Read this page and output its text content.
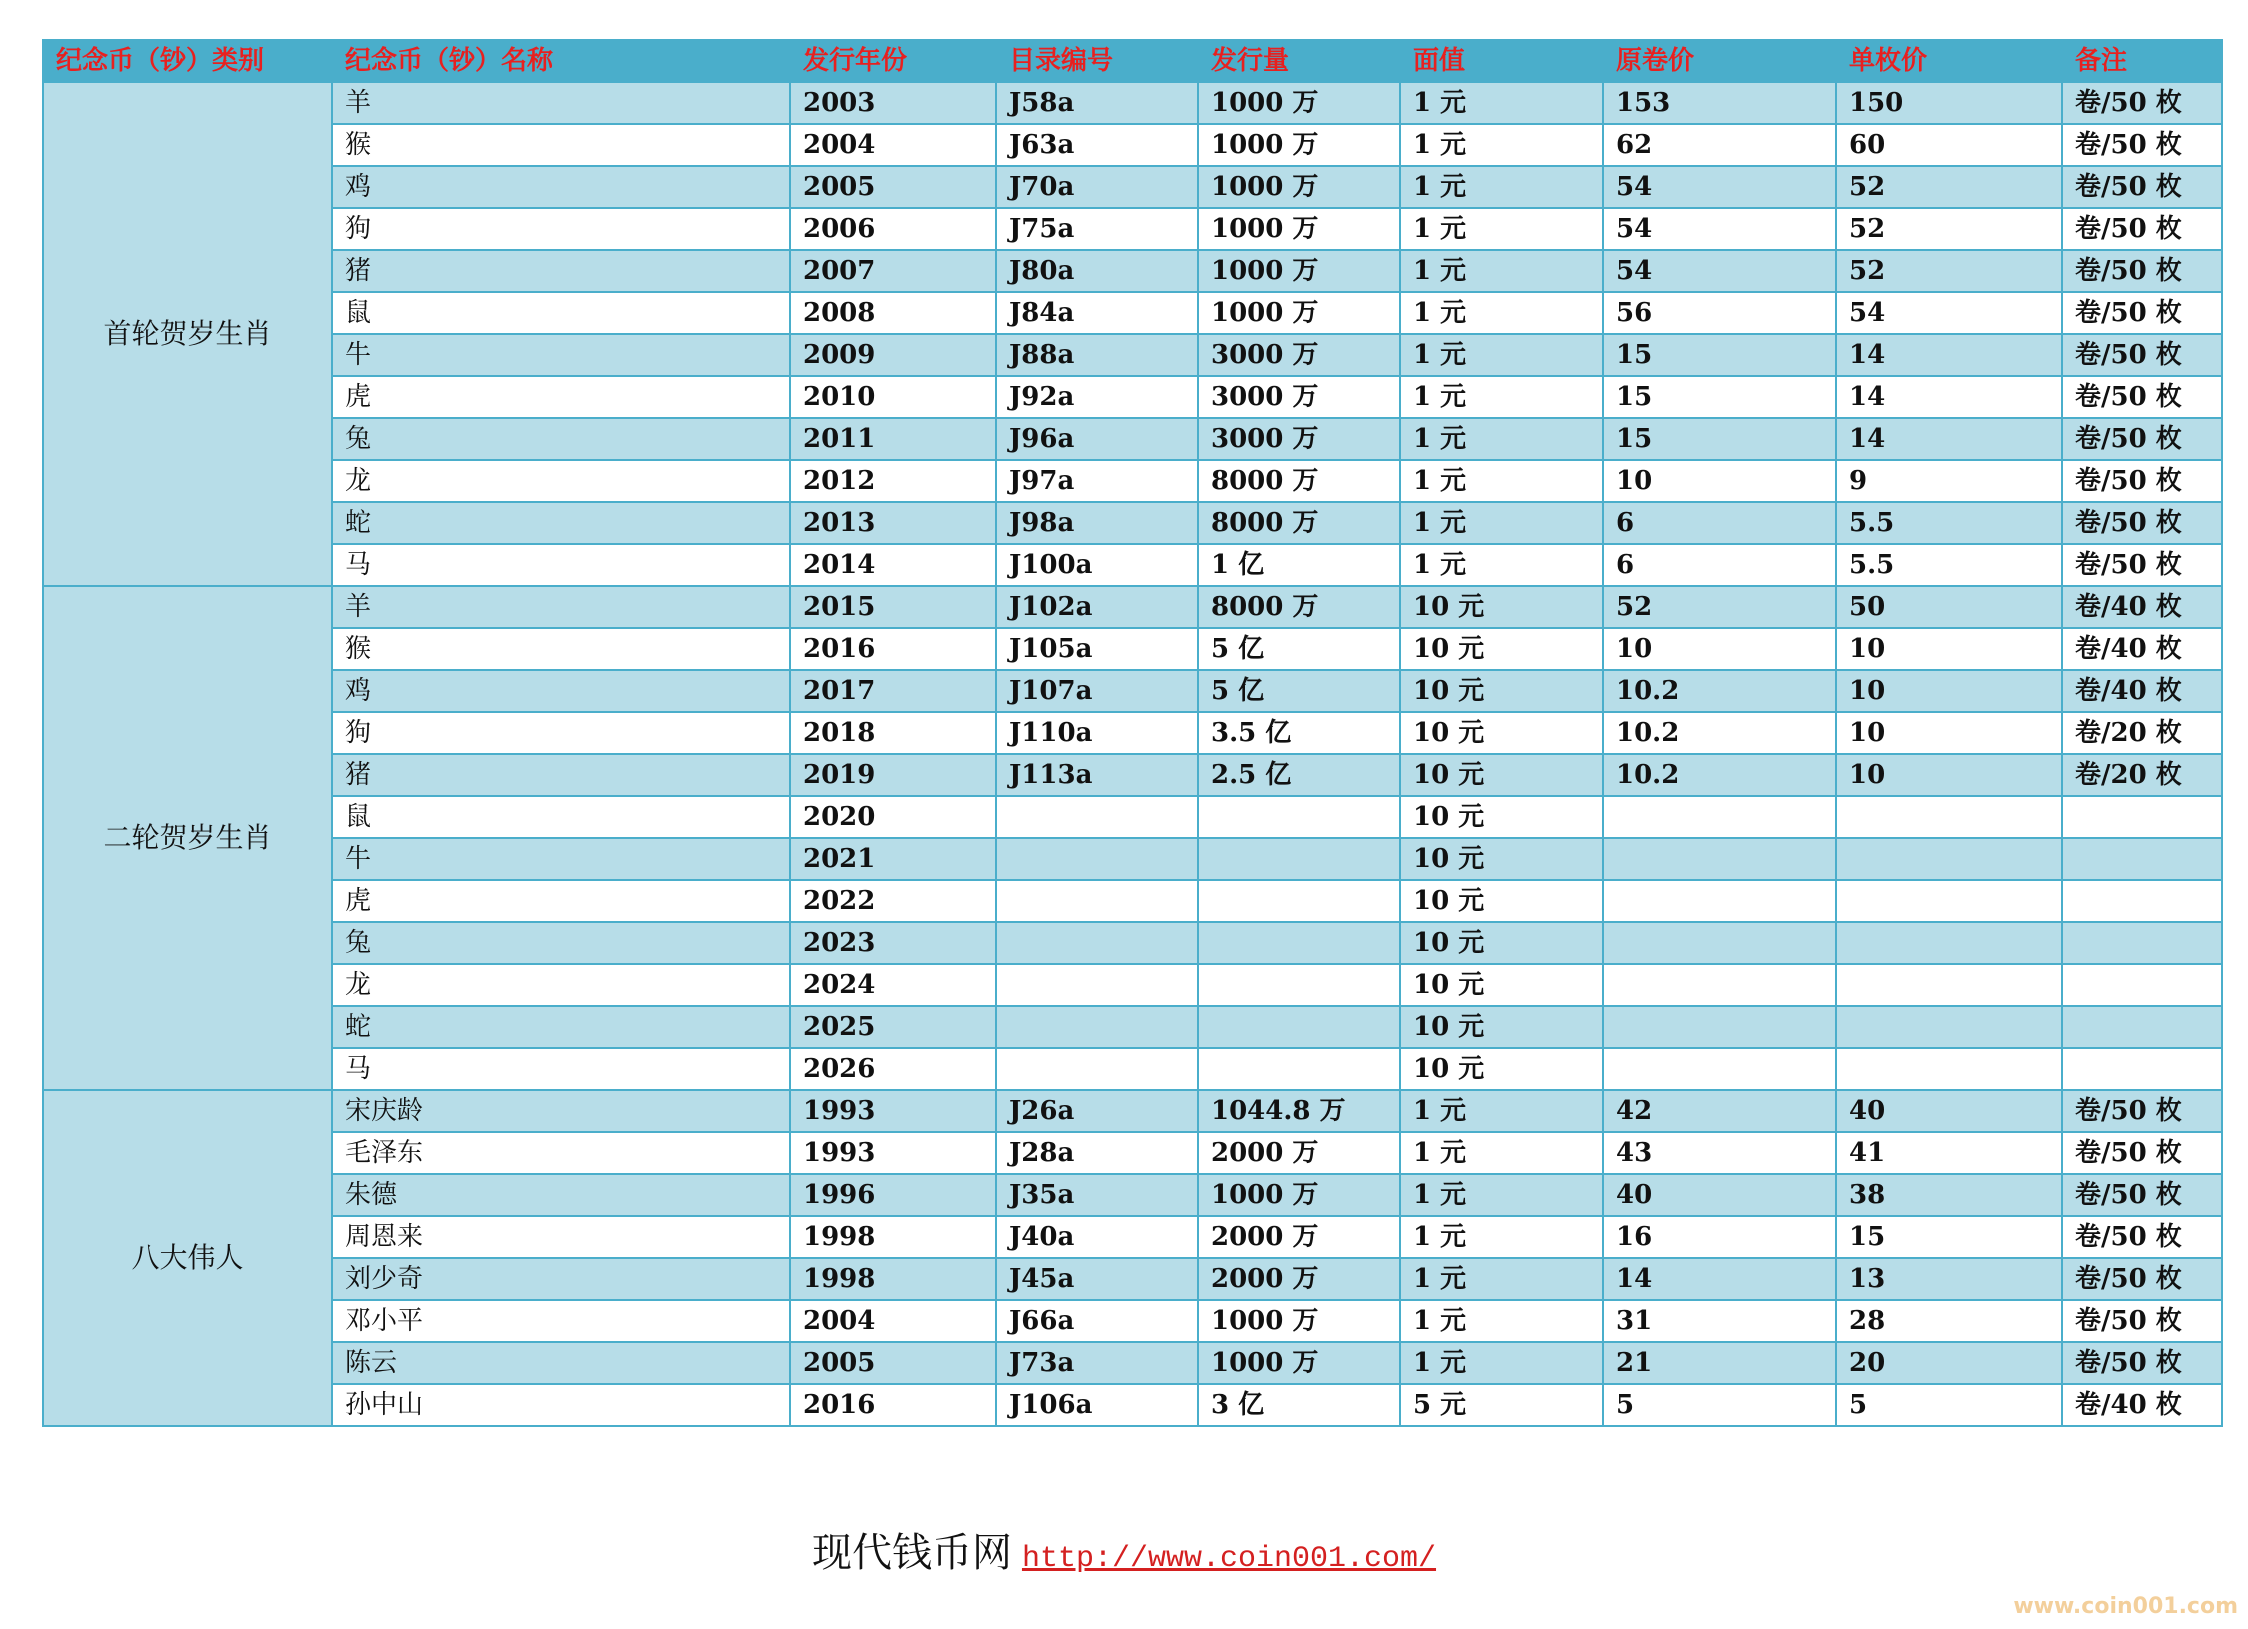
纪念币（钞）类别	纪念币（钞）名称	发行年份	目录编号	发行量	面值	原卷价	单枚价	备注
首轮贺岁生肖	羊	2003	J58a	1000 万	1 元	153	150	卷/50 枚
	猴	2004	J63a	1000 万	1 元	62	60	卷/50 枚
	鸡	2005	J70a	1000 万	1 元	54	52	卷/50 枚
	狗	2006	J75a	1000 万	1 元	54	52	卷/50 枚
	猪	2007	J80a	1000 万	1 元	54	52	卷/50 枚
	鼠	2008	J84a	1000 万	1 元	56	54	卷/50 枚
	牛	2009	J88a	3000 万	1 元	15	14	卷/50 枚
	虎	2010	J92a	3000 万	1 元	15	14	卷/50 枚
	兔	2011	J96a	3000 万	1 元	15	14	卷/50 枚
	龙	2012	J97a	8000 万	1 元	10	9	卷/50 枚
	蛇	2013	J98a	8000 万	1 元	6	5.5	卷/50 枚
	马	2014	J100a	1 亿	1 元	6	5.5	卷/50 枚
二轮贺岁生肖	羊	2015	J102a	8000 万	10 元	52	50	卷/40 枚
	猴	2016	J105a	5 亿	10 元	10	10	卷/40 枚
	鸡	2017	J107a	5 亿	10 元	10.2	10	卷/40 枚
	狗	2018	J110a	3.5 亿	10 元	10.2	10	卷/20 枚
	猪	2019	J113a	2.5 亿	10 元	10.2	10	卷/20 枚
	鼠	2020			10 元			
	牛	2021			10 元			
	虎	2022			10 元			
	兔	2023			10 元			
	龙	2024			10 元			
	蛇	2025			10 元			
	马	2026			10 元			
八大伟人	宋庆龄	1993	J26a	1044.8 万	1 元	42	40	卷/50 枚
	毛泽东	1993	J28a	2000 万	1 元	43	41	卷/50 枚
	朱德	1996	J35a	1000 万	1 元	40	38	卷/50 枚
	周恩来	1998	J40a	2000 万	1 元	16	15	卷/50 枚
	刘少奇	1998	J45a	2000 万	1 元	14	13	卷/50 枚
	邓小平	2004	J66a	1000 万	1 元	31	28	卷/50 枚
	陈云	2005	J73a	1000 万	1 元	21	20	卷/50 枚
	孙中山	2016	J106a	3 亿	5 元	5	5	卷/40 枚
现代钱币网 http://www.coin001.com/
www.coin001.com
